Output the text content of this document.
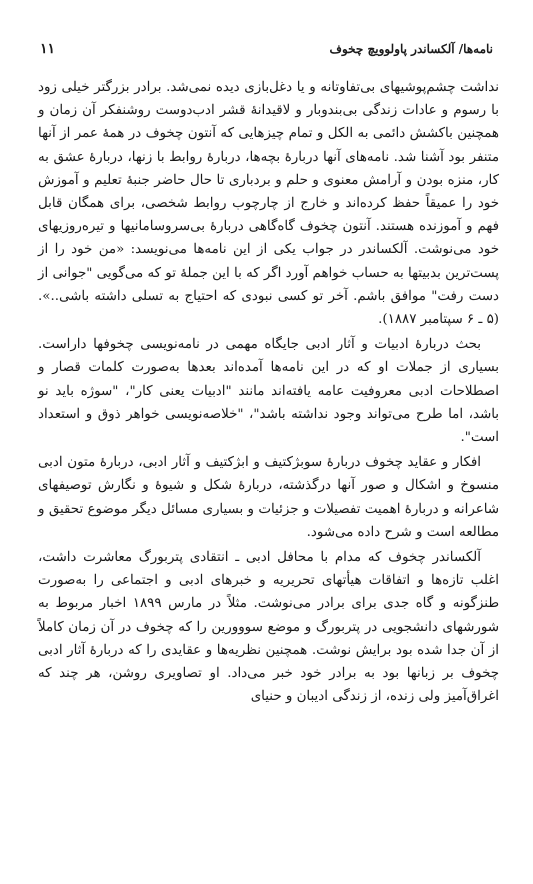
نامه‌ها/ آلکساندر پاولوویچ چخوف
۱۱

نداشت چشم‌پوشیهای بی‌تفاوتانه و یا دغل‌بازی دیده نمی‌شد. برادر بزرگتر خیلی زود با رسوم و عادات زندگی بی‌بندوبار و لاقیدانهٔ قشر ادب‌دوست روشنفکر آن زمان و همچنین باکشش دائمی به الکل و تمام چیزهایی که آنتون چخوف در همهٔ عمر از آنها متنفر بود آشنا شد. نامه‌های آنها دربارهٔ بچه‌ها، دربارهٔ روابط با زنها، دربارهٔ عشق به کار، منزه بودن و آرامش معنوی و حلم و بردباری تا حال حاضر جنبهٔ تعلیم و آموزش خود را عمیقاً حفظ کرده‌اند و خارج از چارچوب روابط شخصی، برای همگان قابل فهم و آموزنده هستند. آنتون چخوف گاه‌گاهی دربارهٔ بی‌سروسامانیها و تیره‌روزیهای خود می‌نوشت. آلکساندر در جواب یکی از این نامه‌ها می‌نویسد: «من خود را از پست‌ترین بدبیتها به حساب خواهم آورد اگر که با این جملهٔ تو که می‌گویی "جوانی از دست رفت" موافق باشم. آخر تو کسی نبودی که احتیاج به تسلی داشته باشی..». (۵ ـ ۶ سپتامبر ۱۸۸۷).

بحث دربارهٔ ادبیات و آثار ادبی جایگاه مهمی در نامه‌نویسی چخوفها داراست. بسیاری از جملات او که در این نامه‌ها آمده‌اند بعدها به‌صورت کلمات قصار و اصطلاحات ادبی معروفیت عامه یافته‌اند مانند "ادبیات یعنی کار"، "سوژه باید نو باشد، اما طرح می‌تواند وجود نداشته باشد"، "خلاصه‌نویسی خواهر ذوق و استعداد است".

افکار و عقاید چخوف دربارهٔ سوبژکتیف و ابژکتیف و آثار ادبی، دربارهٔ متون ادبی منسوخ و اشکال و صور آنها درگذشته، دربارهٔ شکل و شیوهٔ و نگارش توصیفهای شاعرانه و دربارهٔ اهمیت تفصیلات و جزئیات و بسیاری مسائل دیگر موضوع تحقیق و مطالعه است و شرح داده می‌شود.

آلکساندر چخوف که مدام با محافل ادبی ـ انتقادی پتربورگ معاشرت داشت، اغلب تازه‌ها و اتفاقات هیأتهای تحریریه و خبرهای ادبی و اجتماعی را به‌صورت طنزگونه و گاه جدی برای برادر می‌نوشت. مثلاً در مارس ۱۸۹۹ اخبار مربوط به شورشهای دانشجویی در پتربورگ و موضع سووورین را که چخوف در آن زمان کاملاً از آن جدا شده بود برایش نوشت. همچنین نظریه‌ها و عقایدی را که دربارهٔ آثار ادبی چخوف بر زبانها بود به برادر خود خبر می‌داد. او تصاویری روشن، هر چند که اغراق‌آمیز ولی زنده، از زندگی ادیبان و حنیای
